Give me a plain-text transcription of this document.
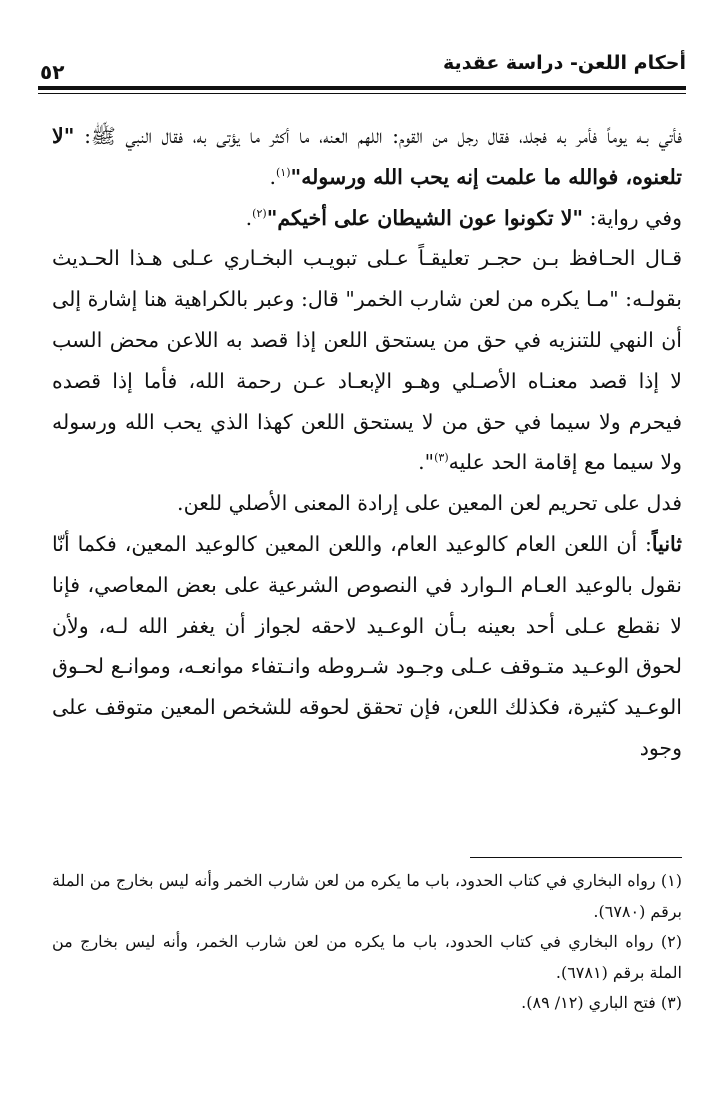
أحكام اللعن- دراسة عقدية
٥٢

فأتي بـه يوماً فأمر به فجلد، فقال رجل من القوم: اللهم العنه، ما أكثر ما يؤتى به، فقال النبي ﷺ: "لا تلعنوه، فوالله ما علمت إنه يحب الله ورسوله"$^{(١)}$.

وفي رواية: "لا تكونوا عون الشيطان على أخيكم"$^{(٢)}$.

قـال الحـافظ بـن حجـر تعليقـاً عـلى تبويـب البخـاري عـلى هـذا الحـديث بقولـه: "مـا يكره من لعن شارب الخمر" قال: وعبر بالكراهية هنا إشارة إلى أن النهي للتنزيه في حق من يستحق اللعن إذا قصد به اللاعن محض السب لا إذا قصد معنـاه الأصـلي وهـو الإبعـاد عـن رحمة الله، فأما إذا قصده فيحرم ولا سيما في حق من لا يستحق اللعن كهذا الذي يحب الله ورسوله ولا سيما مع إقامة الحد عليه$^{(٣)}$".

فدل على تحريم لعن المعين على إرادة المعنى الأصلي للعن.

ثانياً: أن اللعن العام كالوعيد العام، واللعن المعين كالوعيد المعين، فكما أنّا نقول بالوعيد العـام الـوارد في النصوص الشرعية على بعض المعاصي، فإنا لا نقطع عـلى أحد بعينه بـأن الوعـيد لاحقه لجواز أن يغفر الله لـه، ولأن لحوق الوعـيد متـوقف عـلى وجـود شـروطه وانـتفاء موانعـه، وموانـع لحـوق الوعـيد كثيرة، فكذلك اللعن، فإن تحقق لحوقه للشخص المعين متوقف على وجود

(١) رواه البخاري في كتاب الحدود، باب ما يكره من لعن شارب الخمر وأنه ليس بخارج من الملة برقم (٦٧٨٠).

(٢) رواه البخاري في كتاب الحدود، باب ما يكره من لعن شارب الخمر، وأنه ليس بخارج من الملة برقم (٦٧٨١).

(٣) فتح الباري (١٢/ ٨٩).
